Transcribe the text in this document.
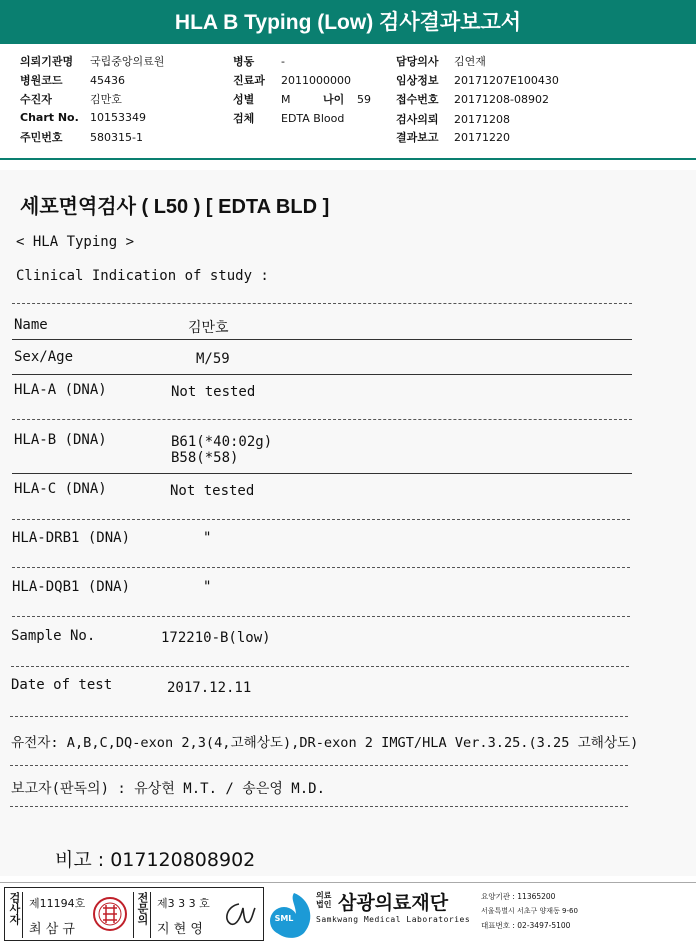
HLA B Typing (Low) 검사결과보고서
의뢰기관명 국립중앙의료원
병원코드 45436
수진자	김만호
Chart No. 10153349
주민번호 580315-1
병동 -
진료과 2011000000
성별 M	나이 59
검체 EDTA Blood
담당의사 김연재
임상정보 20171207E100430
접수번호 20171208-08902
검사의뢰 20171208
결과보고 20171220
세포면역검사 ( L50 ) [ EDTA BLD ]
< HLA Typing >
Clinical Indication of study :
Name	김만호
Sex/Age	M/59
HLA-A (DNA)	Not tested
HLA-B (DNA)	B61(*40:02g)
B58(*58)
HLA-C (DNA)	Not tested
HLA-DRB1 (DNA)	"
HLA-DQB1 (DNA)	"
Sample No.	172210-B(low)
Date of test	2017.12.11
유전자: A,B,C,DQ-exon 2,3(4,고해상도),DR-exon 2 IMGT/HLA Ver.3.25.(3.25 고해상도)
보고자(판독의) : 유상현 M.T. / 송은영 M.D.
비고 : 017120808902
검사자 제11194호
최 삼 규
전문의 제3 3 3 호
지 현 영
SML
의료
법인 삼광의료재단
Samkwang Medical Laboratories
요양기관 : 11365200
서울특별시 서초구 양재동 9-60
대표번호 : 02-3497-5100
